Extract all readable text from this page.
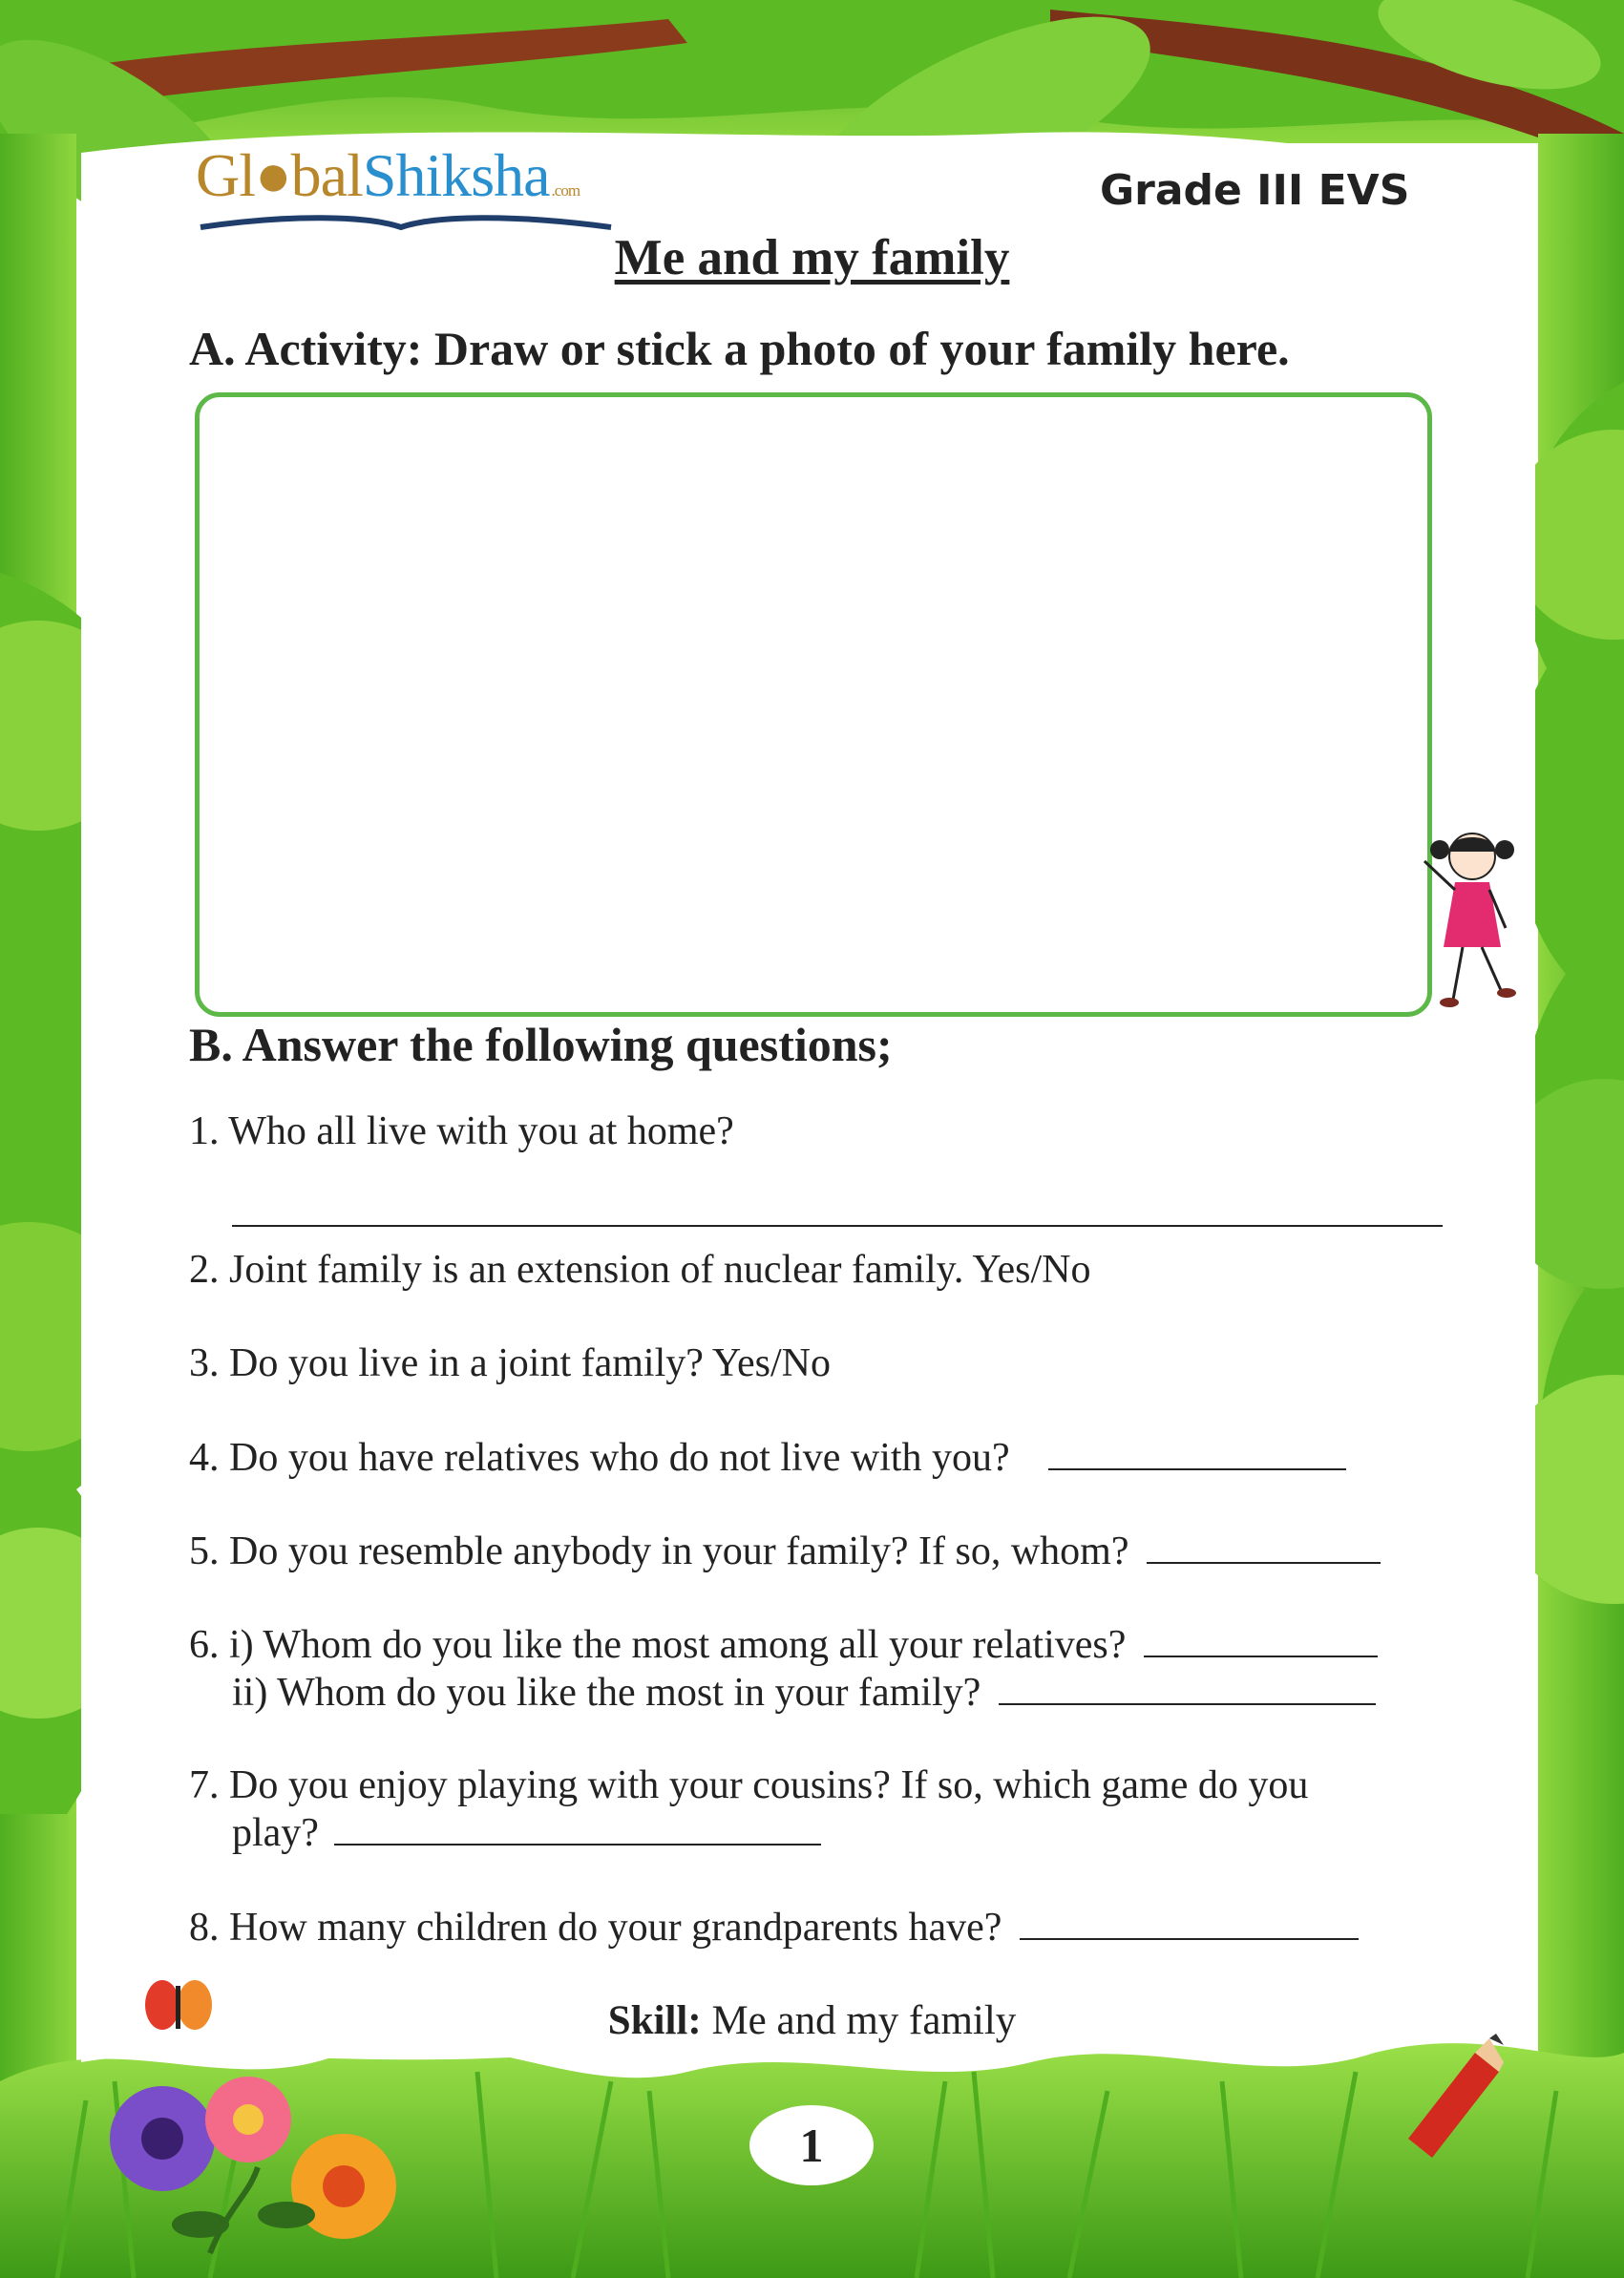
Gl●balShiksha .com	Grade III EVS
Me and my family
A. Activity: Draw or stick a photo of your family here.
B. Answer the following questions;
1. Who all live with you at home?
2. Joint family is an extension of nuclear family. Yes/No
3. Do you live in a joint family? Yes/No
4. Do you have relatives who do not live with you?
5. Do you resemble anybody in your family? If so, whom?
6. i) Whom do you like the most among all your relatives?
ii) Whom do you like the most in your family?
7. Do you enjoy playing with your cousins? If so, which game do you
play?
8. How many children do your grandparents have?
Skill: Me and my family
1
